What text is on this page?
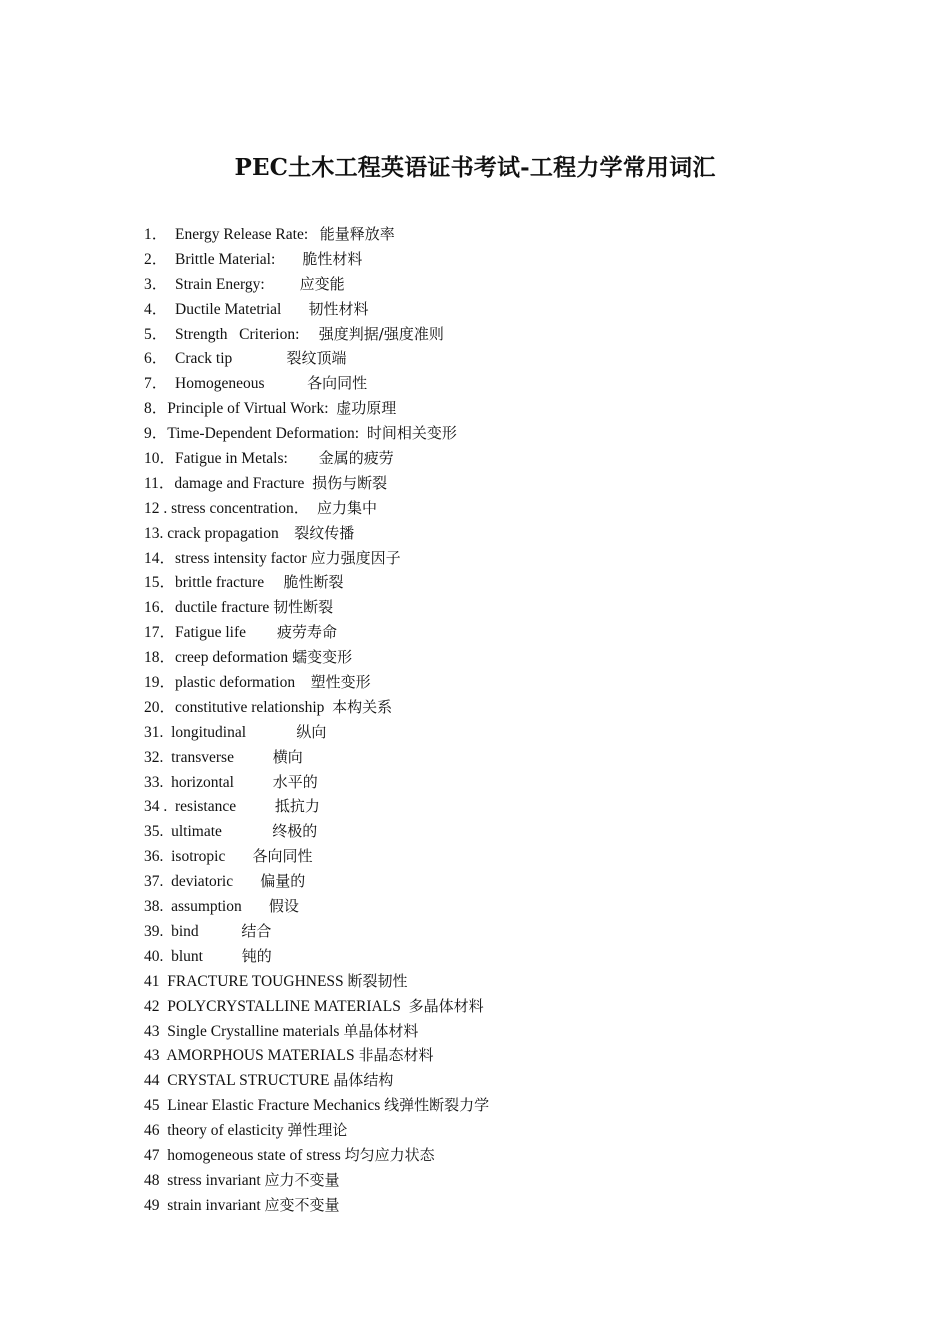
PEC土木工程英语证书考试-工程力学常用词汇
1．  Energy Release Rate:   能量释放率
2．  Brittle Material:       脆性材料
3．  Strain Energy:         应变能
4．  Ductile Matetrial       韧性材料
5．  Strength   Criterion:     强度判据/强度准则
6．  Crack tip              裂纹顶端
7．  Homogeneous           各向同性
8．Principle of Virtual Work:  虚功原理
9．Time-Dependent Deformation:  时间相关变形
10．Fatigue in Metals:        金属的疲劳
11．damage and Fracture  损伤与断裂
12 . stress concentration．  应力集中
13. crack propagation    裂纹传播
14．stress intensity factor 应力强度因子
15．brittle fracture     脆性断裂
16．ductile fracture 韧性断裂
17．Fatigue life        疲劳寿命
18．creep deformation 蠕变变形
19．plastic deformation    塑性变形
20．constitutive relationship  本构关系
31.  longitudinal             纵向
32.  transverse          横向
33.  horizontal          水平的
34 .  resistance          抵抗力
35.  ultimate             终极的
36.  isotropic       各向同性
37.  deviatoric       偏量的
38.  assumption       假设
39.  bind           结合
40.  blunt          钝的
41  FRACTURE TOUGHNESS 断裂韧性
42  POLYCRYSTALLINE MATERIALS  多晶体材料
43  Single Crystalline materials 单晶体材料
43  AMORPHOUS MATERIALS 非晶态材料
44  CRYSTAL STRUCTURE 晶体结构
45  Linear Elastic Fracture Mechanics 线弹性断裂力学
46  theory of elasticity 弹性理论
47  homogeneous state of stress 均匀应力状态
48  stress invariant 应力不变量
49  strain invariant 应变不变量
